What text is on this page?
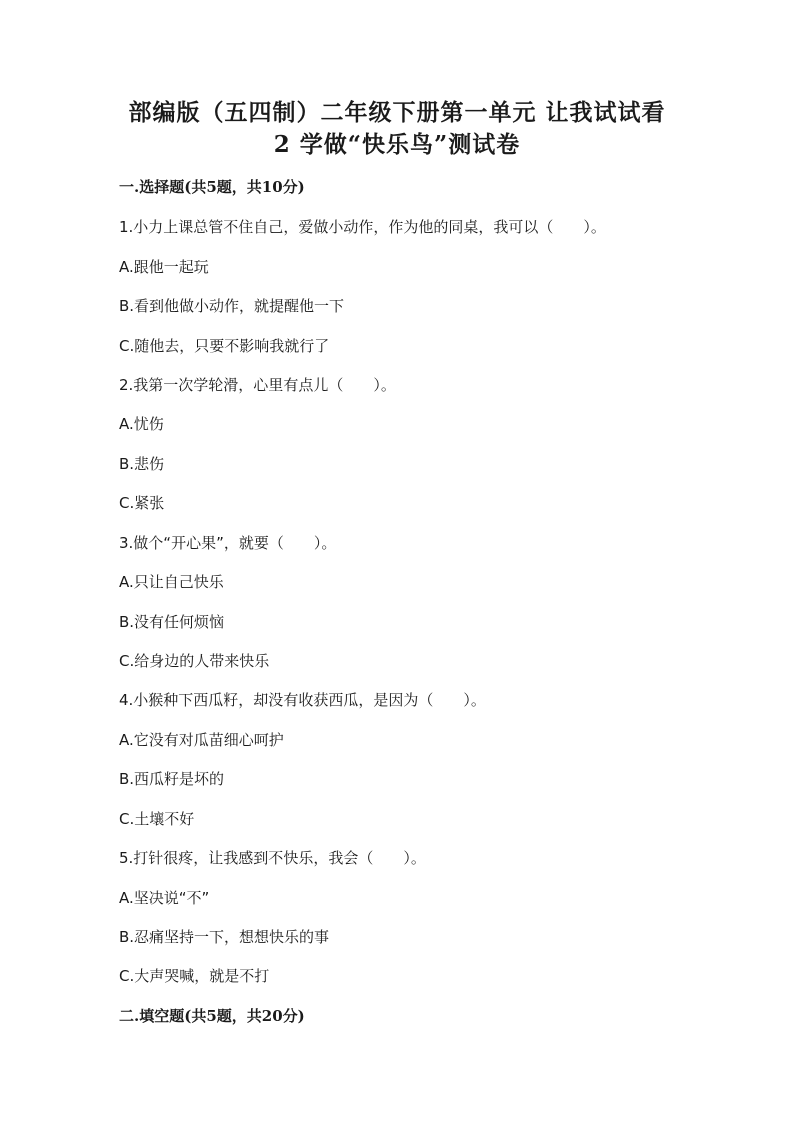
部编版（五四制）二年级下册第一单元 让我试试看
2 学做“快乐鸟”测试卷
一.选择题(共5题，共10分)
1.小力上课总管不住自己，爱做小动作，作为他的同桌，我可以（　　）。
A.跟他一起玩
B.看到他做小动作，就提醒他一下
C.随他去，只要不影响我就行了
2.我第一次学轮滑，心里有点儿（　　）。
A.忧伤
B.悲伤
C.紧张
3.做个“开心果”，就要（　　）。
A.只让自己快乐
B.没有任何烦恼
C.给身边的人带来快乐
4.小猴种下西瓜籽，却没有收获西瓜，是因为（　　）。
A.它没有对瓜苗细心呵护
B.西瓜籽是坏的
C.土壤不好
5.打针很疼，让我感到不快乐，我会（　　）。
A.坚决说“不”
B.忍痛坚持一下，想想快乐的事
C.大声哭喊，就是不打
二.填空题(共5题，共20分)
